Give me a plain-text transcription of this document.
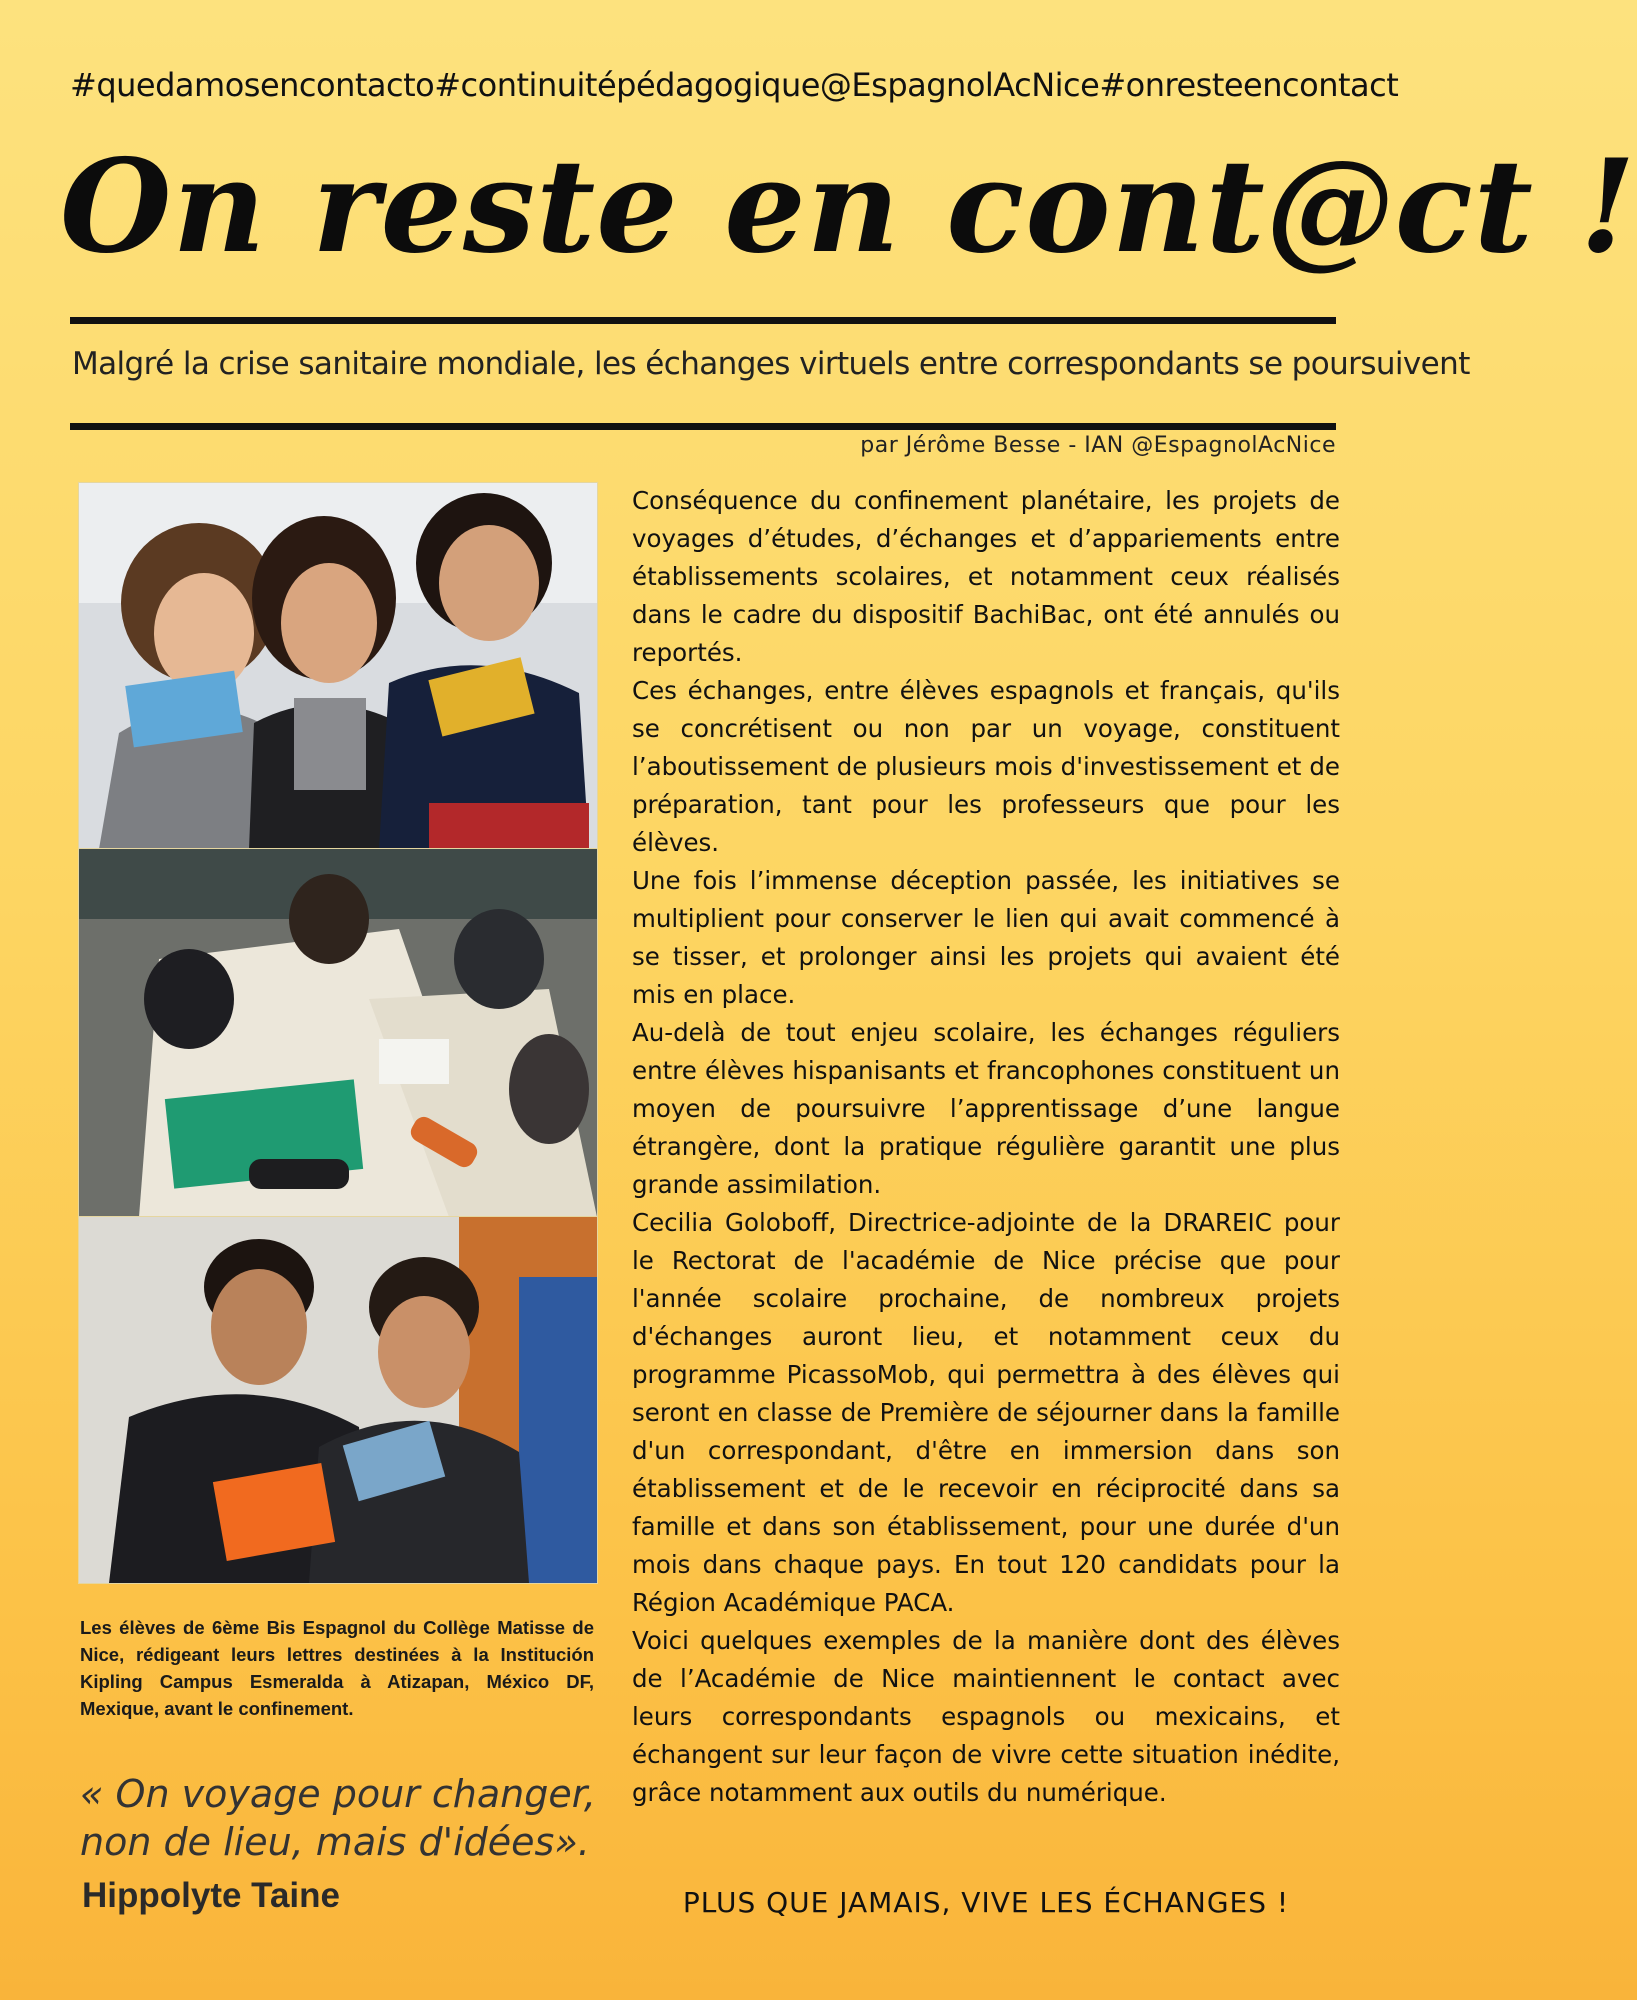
#quedamosencontacto #continuitépédagogique@EspagnolAcNice #onresteencontact
On reste en cont@ct !
Malgré la crise sanitaire mondiale, les échanges virtuels entre correspondants se poursuivent
par Jérôme Besse - IAN @EspagnolAcNice
Les élèves de 6ème Bis Espagnol du Collège Matisse de Nice, rédigeant leurs lettres destinées à la Institución Kipling Campus Esmeralda à Atizapan, México DF, Mexique, avant le confinement.
« On voyage pour changer, non de lieu, mais d'idées».
Hippolyte Taine

Conséquence du confinement planétaire, les projets de voyages d’études, d’échanges et d’appariements entre établissements scolaires, et notamment ceux réalisés dans le cadre du dispositif BachiBac, ont été annulés ou reportés.

Ces échanges, entre élèves espagnols et français, qu'ils se concrétisent ou non par un voyage, constituent l’aboutissement de plusieurs mois d'investissement et de préparation, tant pour les professeurs que pour les élèves.

Une fois l’immense déception passée, les initiatives se multiplient pour conserver le lien qui avait commencé à se tisser, et prolonger ainsi les projets qui avaient été mis en place.

Au-delà de tout enjeu scolaire, les échanges réguliers entre élèves hispanisants et francophones constituent un moyen de poursuivre l’apprentissage d’une langue étrangère, dont la pratique régulière garantit une plus grande assimilation.

Cecilia Goloboff, Directrice-adjointe de la DRAREIC pour le Rectorat de l'académie de Nice précise que pour l'année scolaire prochaine, de nombreux projets d'échanges auront lieu, et notamment ceux du programme PicassoMob, qui permettra à des élèves qui seront en classe de Première de séjourner dans la famille d'un correspondant, d'être en immersion dans son établissement et de le recevoir en réciprocité dans sa famille et dans son établissement, pour une durée d'un mois dans chaque pays. En tout 120 candidats pour la Région Académique PACA.

Voici quelques exemples de la manière dont des élèves de l’Académie de Nice maintiennent le contact avec leurs correspondants espagnols ou mexicains, et échangent sur leur façon de vivre cette situation inédite, grâce notamment aux outils du numérique.

PLUS QUE JAMAIS, VIVE LES ÉCHANGES !
